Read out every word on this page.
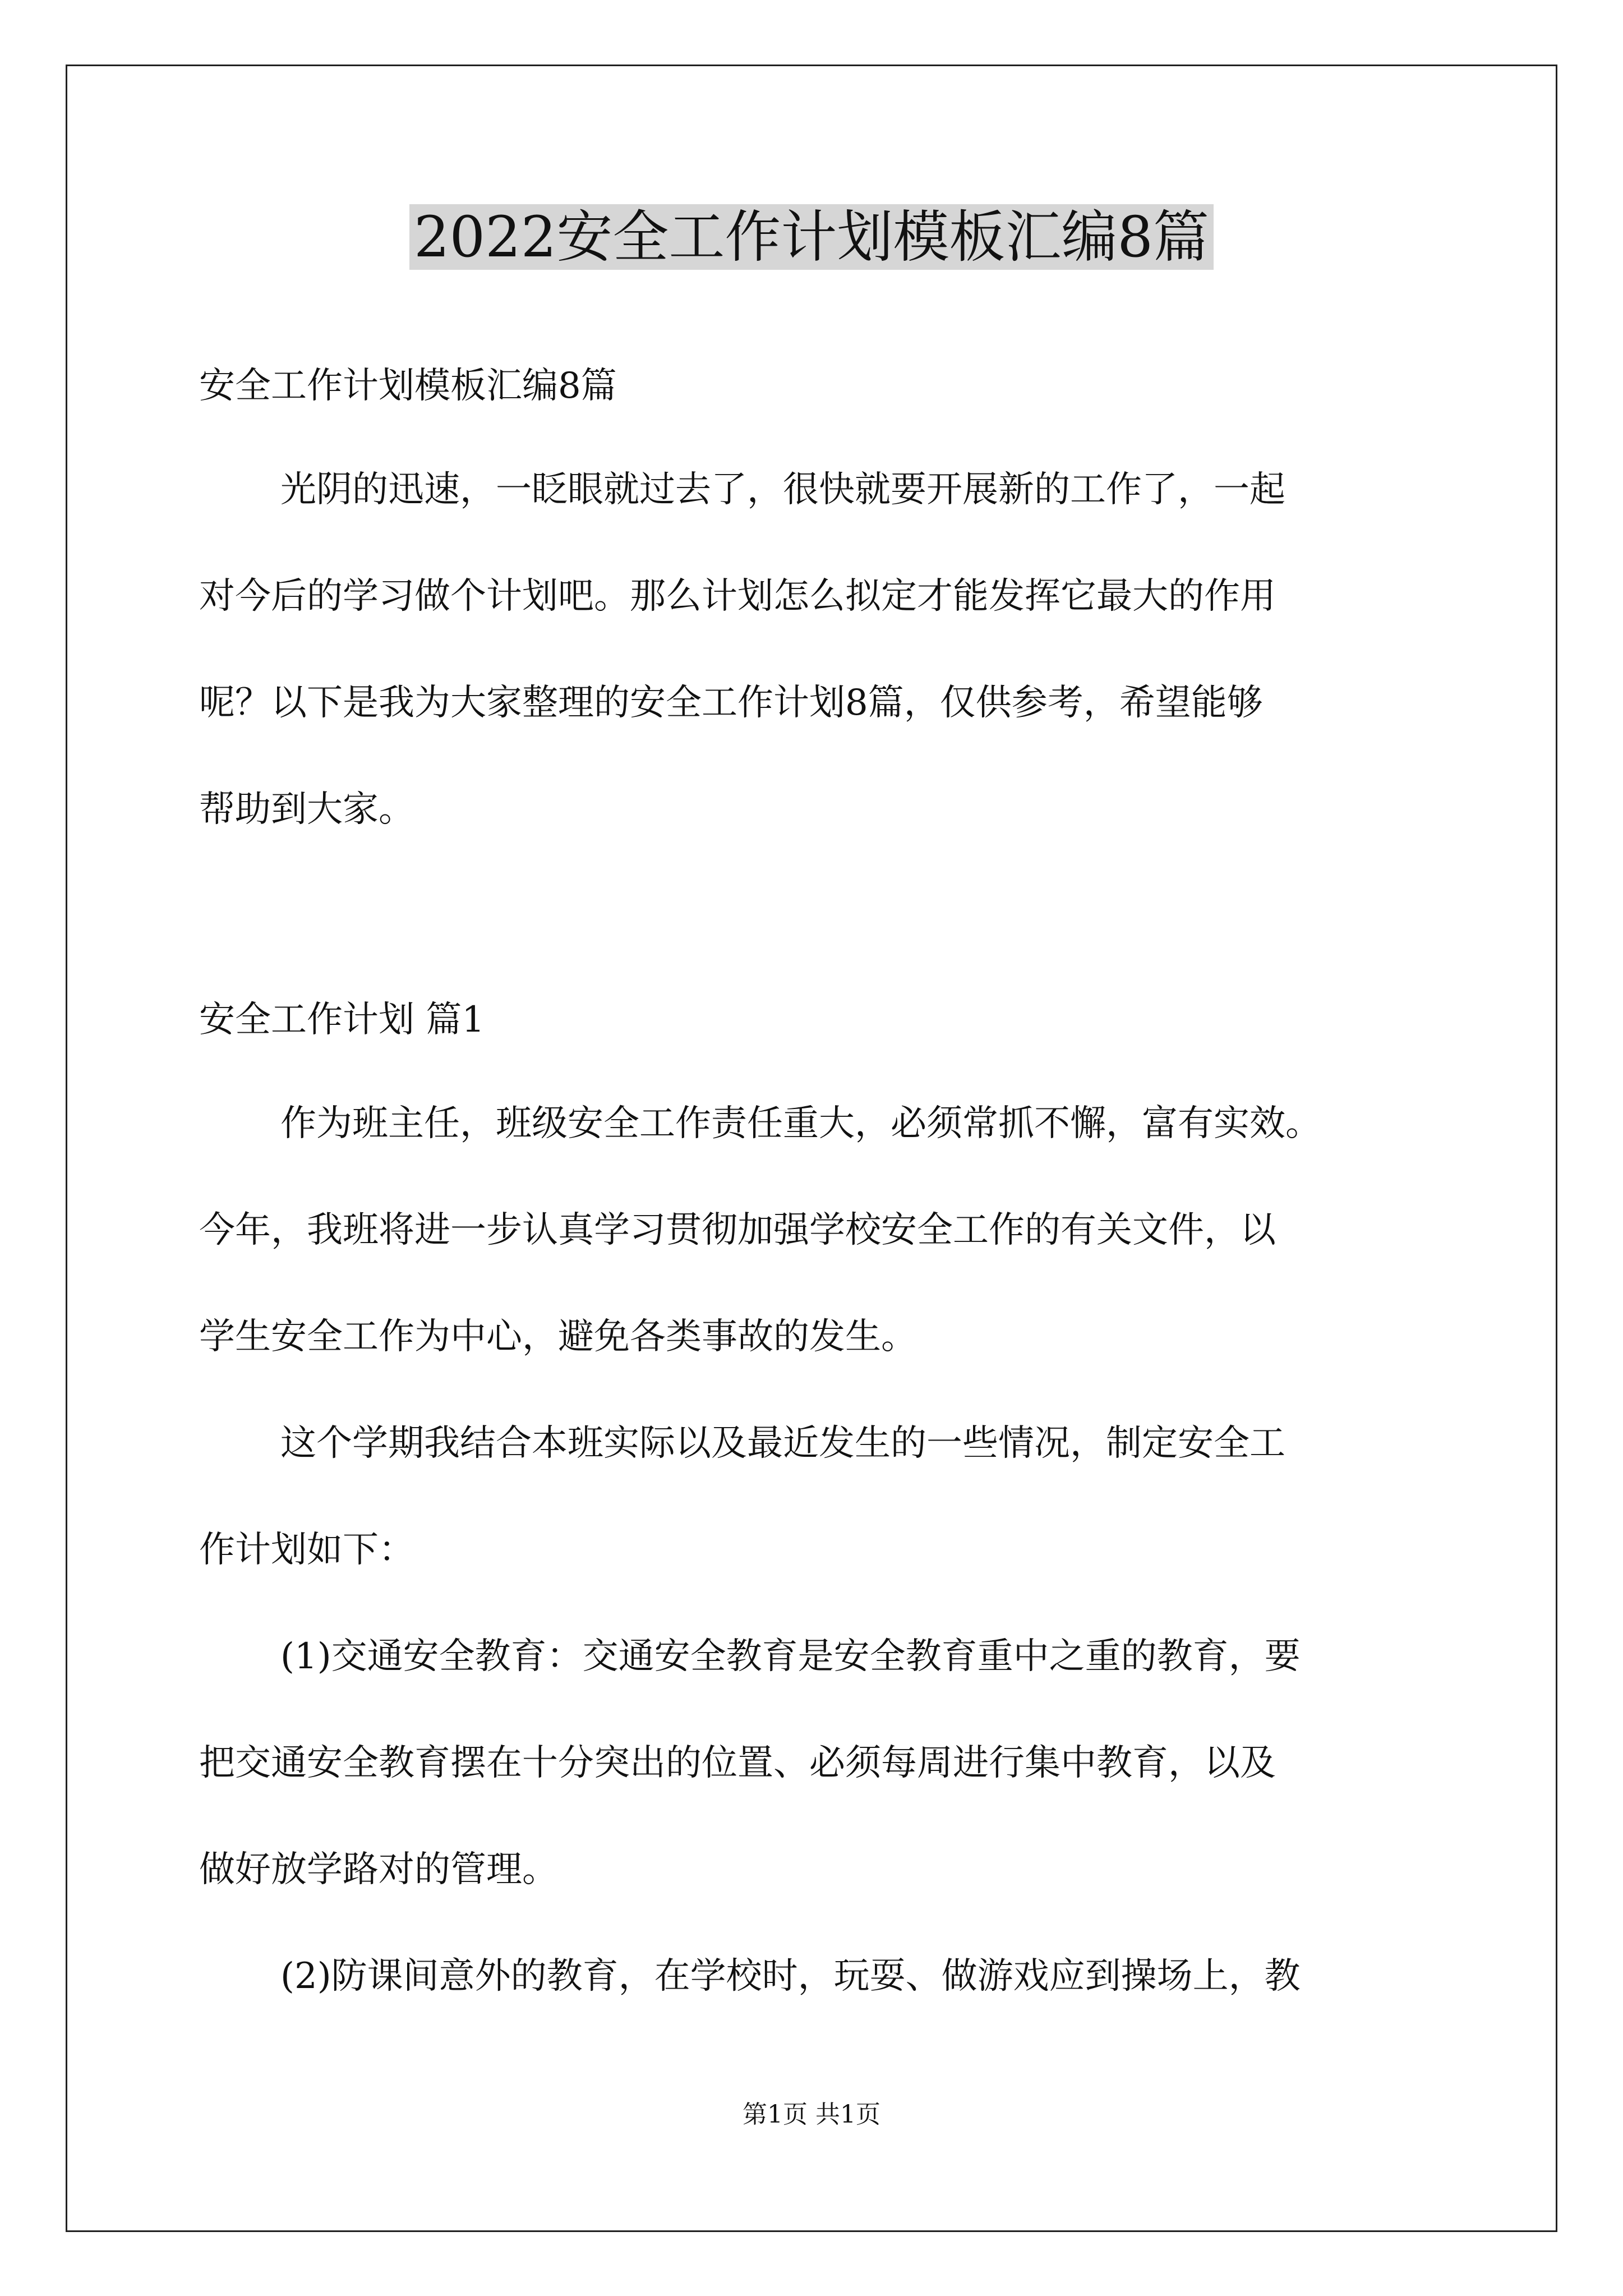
2022安全工作计划模板汇编8篇
安全工作计划模板汇编8篇
光阴的迅速，一眨眼就过去了，很快就要开展新的工作了，一起
对今后的学习做个计划吧。那么计划怎么拟定才能发挥它最大的作用
呢？以下是我为大家整理的安全工作计划8篇，仅供参考，希望能够
帮助到大家。
安全工作计划 篇1
作为班主任，班级安全工作责任重大，必须常抓不懈，富有实效。
今年，我班将进一步认真学习贯彻加强学校安全工作的有关文件，以
学生安全工作为中心，避免各类事故的发生。
这个学期我结合本班实际以及最近发生的一些情况，制定安全工
作计划如下：
(1)交通安全教育：交通安全教育是安全教育重中之重的教育，要
把交通安全教育摆在十分突出的位置、必须每周进行集中教育，以及
做好放学路对的管理。
(2)防课间意外的教育，在学校时，玩耍、做游戏应到操场上，教
第1页 共1页
